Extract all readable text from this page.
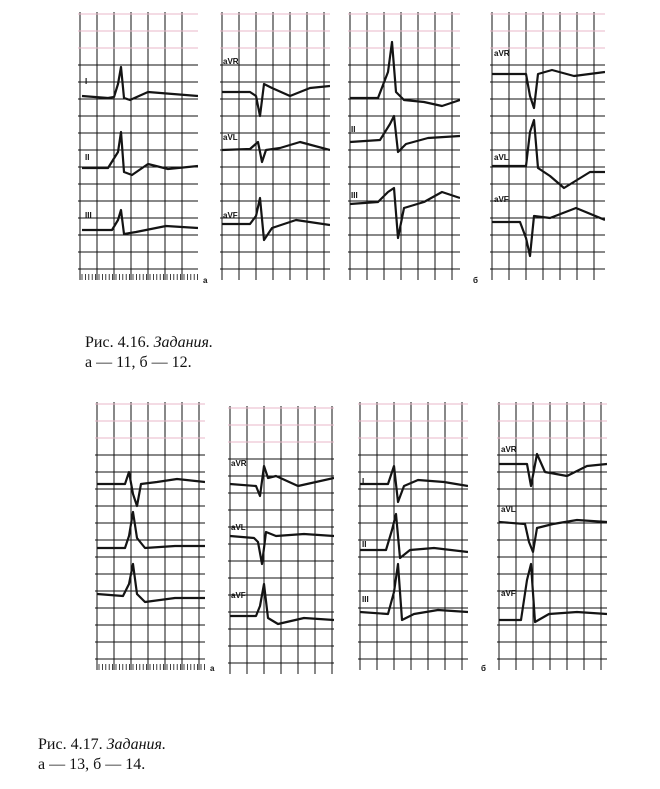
I
II
III
aVR
aVL
aVF
II
III
aVR
aVL
aVF
а	б
Рис. 4.16. Задания.
а — 11, б — 12.
aVR
aVL
aVF
I
II
III
aVR
aVL
aVF
а	б
Рис. 4.17. Задания.
а — 13, б — 14.
